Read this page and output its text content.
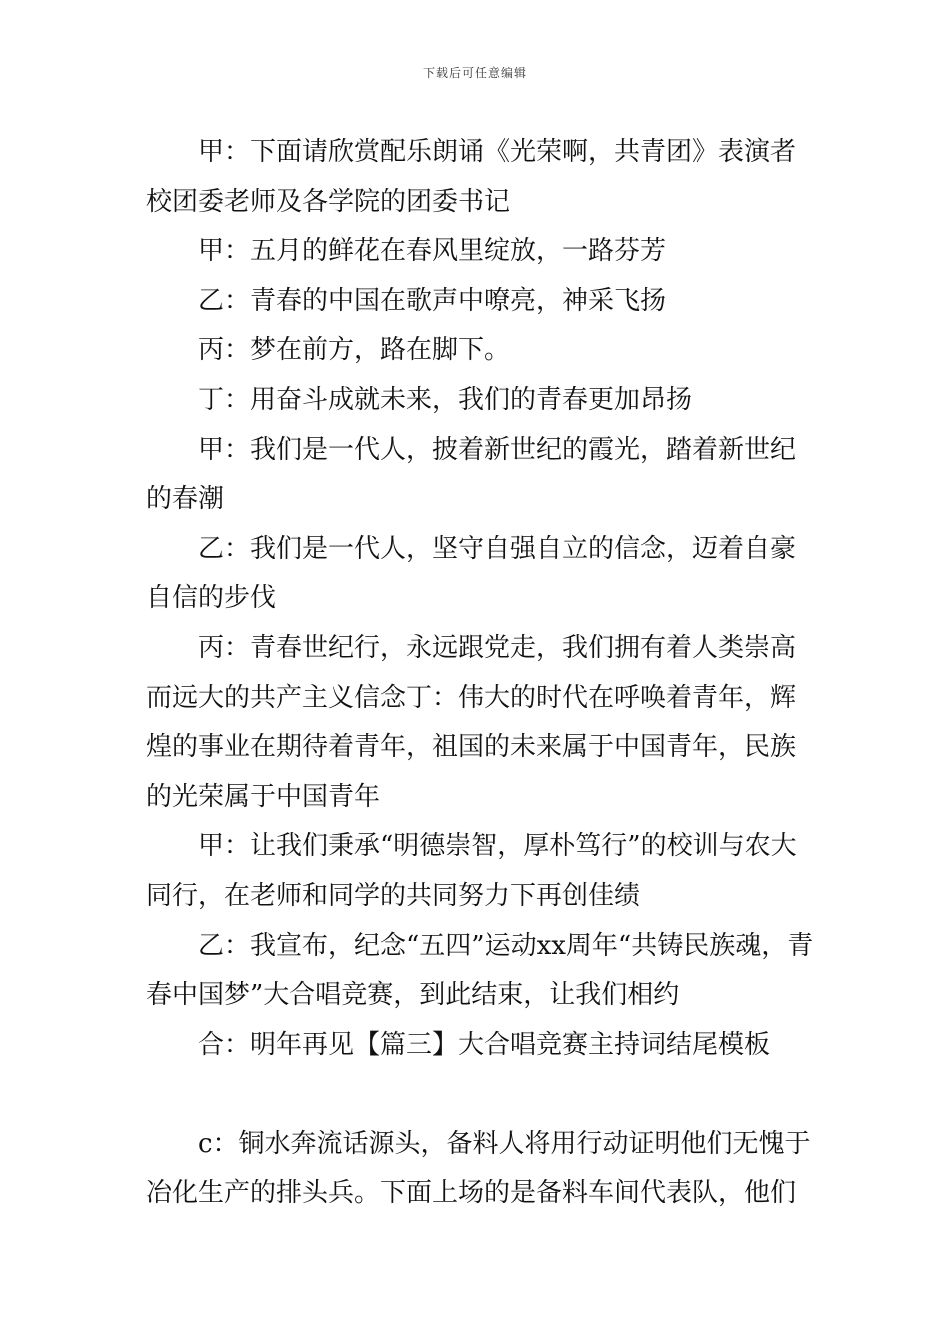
下载后可任意编辑

甲：下面请欣赏配乐朗诵《光荣啊，共青团》表演者校团委老师及各学院的团委书记

甲：五月的鲜花在春风里绽放，一路芬芳

乙：青春的中国在歌声中嘹亮，神采飞扬

丙：梦在前方，路在脚下。

丁：用奋斗成就未来，我们的青春更加昂扬

甲：我们是一代人，披着新世纪的霞光，踏着新世纪的春潮

乙：我们是一代人，坚守自强自立的信念，迈着自豪自信的步伐

丙：青春世纪行，永远跟党走，我们拥有着人类崇高而远大的共产主义信念丁：伟大的时代在呼唤着青年，辉煌的事业在期待着青年，祖国的未来属于中国青年，民族的光荣属于中国青年

甲：让我们秉承“明德崇智，厚朴笃行”的校训与农大同行，在老师和同学的共同努力下再创佳绩

乙：我宣布，纪念“五四”运动xx周年“共铸民族魂，青春中国梦”大合唱竞赛，到此结束，让我们相约

合：明年再见【篇三】大合唱竞赛主持词结尾模板

c：铜水奔流话源头，备料人将用行动证明他们无愧于冶化生产的排头兵。下面上场的是备料车间代表队，他们
